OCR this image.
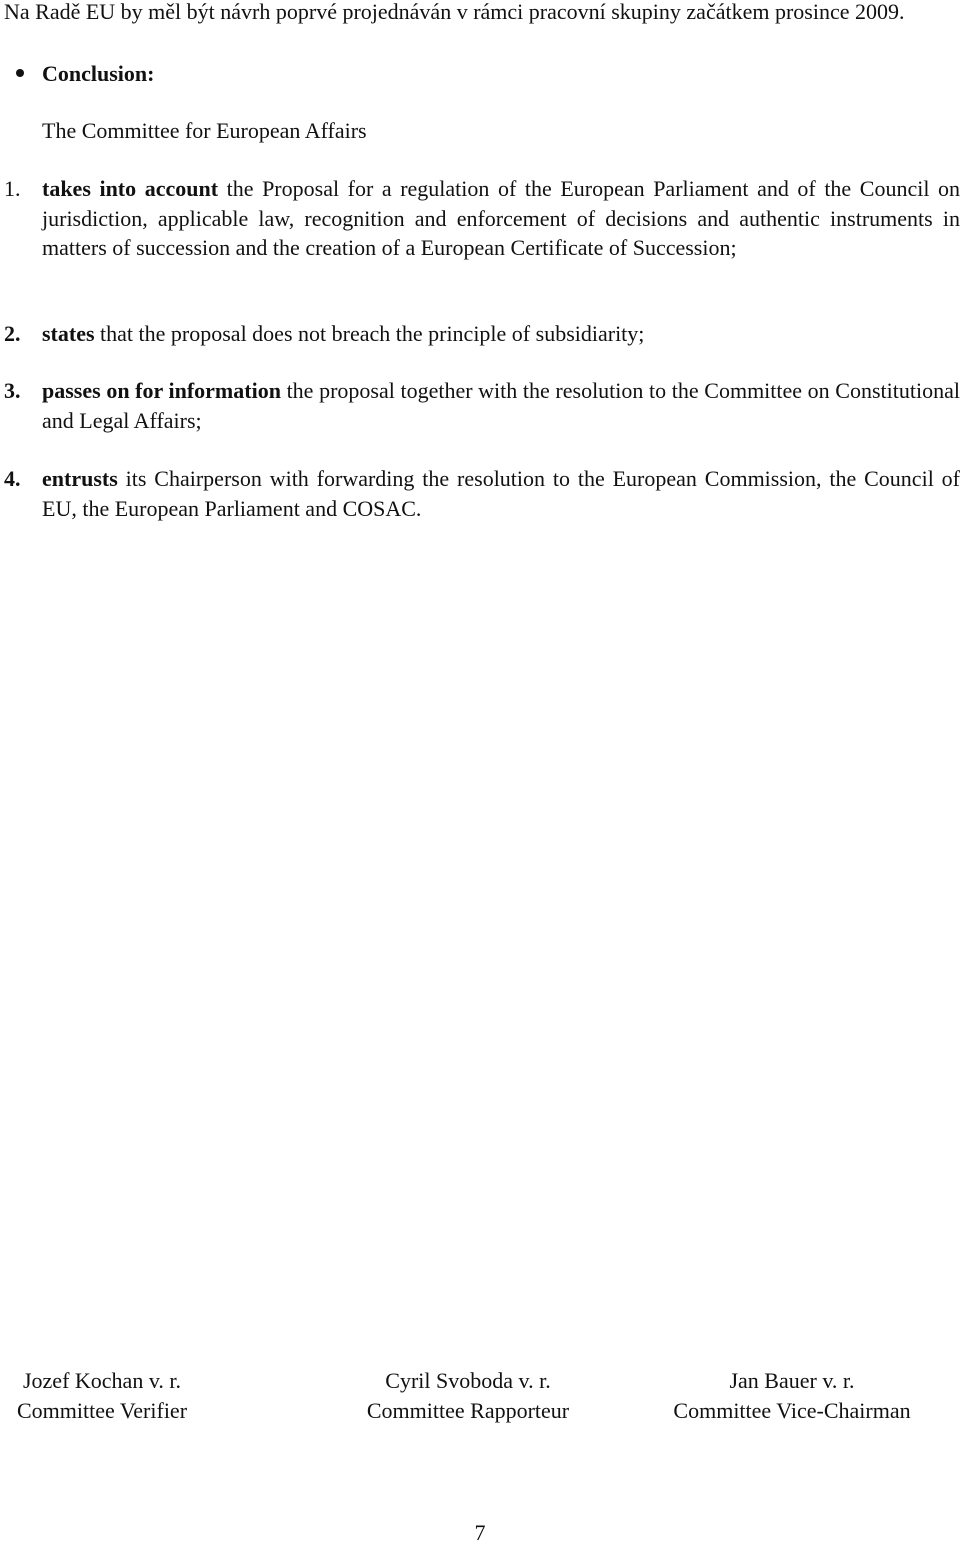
Na Radě EU by měl být návrh poprvé projednáván v rámci pracovní skupiny začátkem prosince 2009.
Conclusion:
The Committee for European Affairs
1. takes into account the Proposal for a regulation of the European Parliament and of the Council on jurisdiction, applicable law, recognition and enforcement of decisions and authentic instruments in matters of succession and the creation of a European Certificate of Succession;
2. states that the proposal does not breach the principle of subsidiarity;
3. passes on for information the proposal together with the resolution to the Committee on Constitutional and Legal Affairs;
4. entrusts its Chairperson with forwarding the resolution to the European Commission, the Council of EU, the European Parliament and COSAC.
Jozef Kochan v. r.
Committee Verifier
Cyril Svoboda v. r.
Committee Rapporteur
Jan Bauer v. r.
Committee Vice-Chairman
7
